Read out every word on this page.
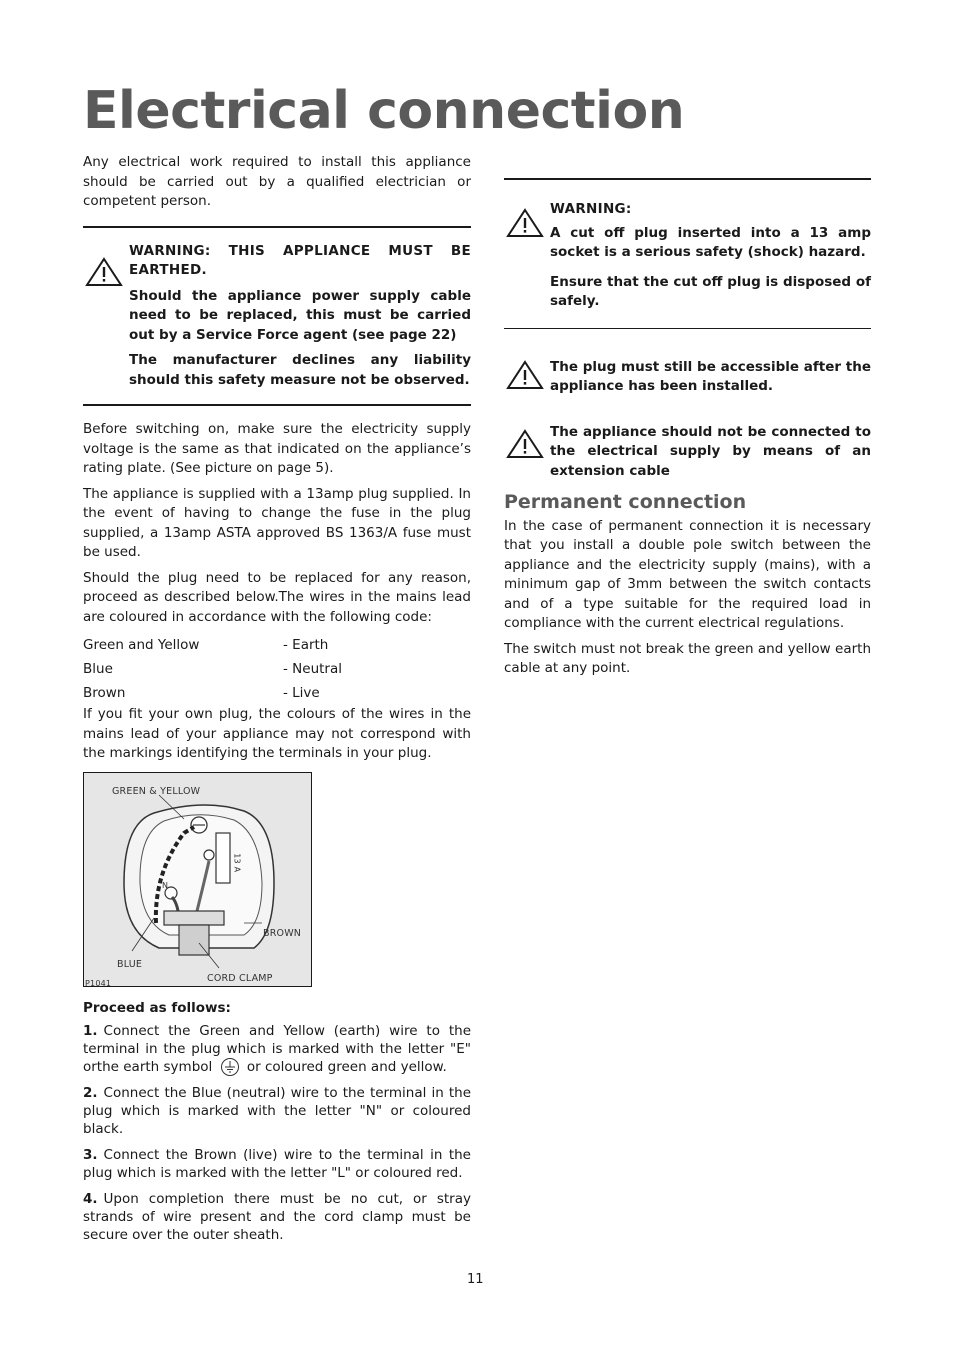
Electrical connection

Any electrical work required to install this appliance should be carried out by a qualified electrician or competent person.

WARNING: THIS APPLIANCE MUST BE EARTHED.

Should the appliance power supply cable need to be replaced, this must be carried out by a Service Force agent (see page 22)

The manufacturer declines any liability should this safety measure not be observed.

Before switching on, make sure the electricity supply voltage is the same as that indicated on the appliance’s rating plate. (See picture on page 5).

The appliance is supplied with a 13amp plug supplied. In the event of having to change the fuse in the plug supplied, a 13amp ASTA approved BS 1363/A fuse must be used.

Should the plug need to be replaced for any reason, proceed as described below.The wires in the mains lead are coloured in accordance with the following code:

Green and Yellow	- Earth
Blue	- Neutral
Brown	- Live

If you fit your own plug, the colours of the wires in the mains lead of your appliance may not correspond with the markings identifying the terminals in your plug.

GREEN & YELLOW
BROWN
BLUE
CORD CLAMP
13 A
N
P1041

Proceed as follows:

1. Connect the Green and Yellow (earth) wire to the terminal in the plug which is marked with the letter "E" orthe earth symbol	or coloured green and yellow.

2. Connect the Blue (neutral) wire to the terminal in the plug which is marked with the letter "N" or coloured black.

3. Connect the Brown (live) wire to the terminal in the plug which is marked with the letter "L" or coloured red.

4. Upon completion there must be no cut, or stray strands of wire present and the cord clamp must be secure over the outer sheath.

WARNING:

A cut off plug inserted into a 13 amp socket is a serious safety (shock) hazard.

Ensure that the cut off plug is disposed of safely.

The plug must still be accessible after the appliance has been installed.

The appliance should not be connected to the electrical supply by means of an extension cable

Permanent connection

In the case of permanent connection it is necessary that you install a double pole switch between the appliance and the electricity supply (mains), with a minimum gap of 3mm between the switch contacts and of a type suitable for the required load in compliance with the current electrical regulations.

The switch must not break the green and yellow earth cable at any point.

11
